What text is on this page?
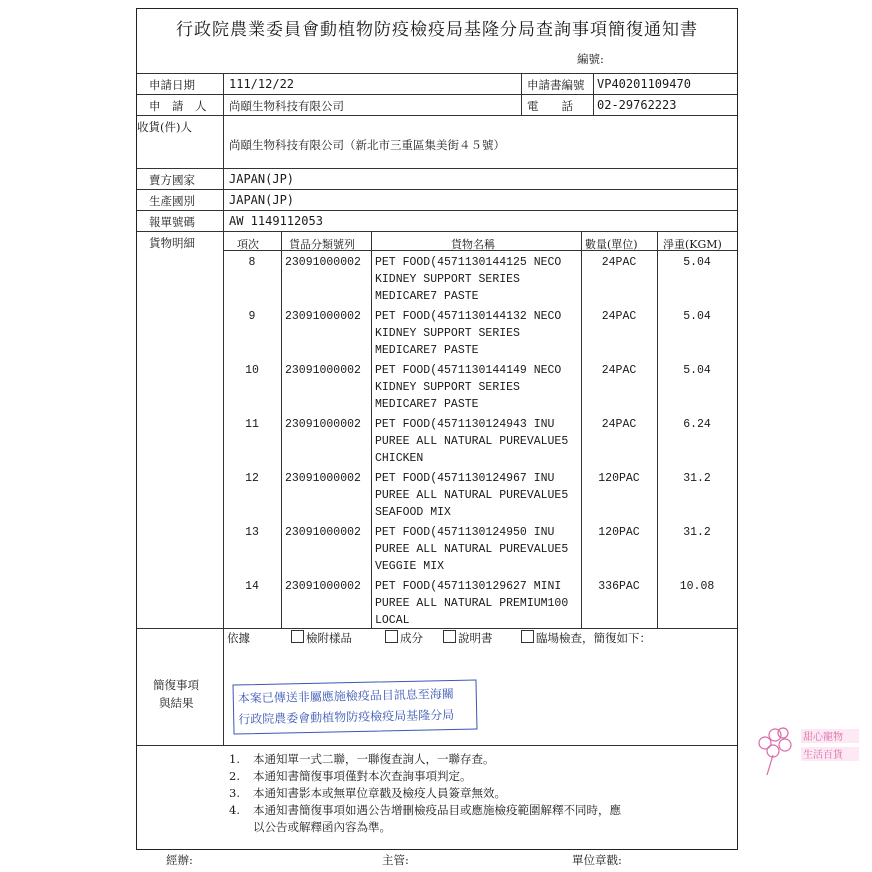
行政院農業委員會動植物防疫檢疫局基隆分局查詢事項簡復通知書
編號:
申請日期	111/12/22	申請書編號 VP40201109470
申　請　人 尚頤生物科技有限公司	電　　話 02-29762223
收貨(件)人
尚頤生物科技有限公司（新北市三重區集美街４５號）
賣方國家	JAPAN(JP)
生產國別	JAPAN(JP)
報單號碼	AW 1149112053
貨物明細	項次	貨品分類號列	貨物名稱	數量(單位) 淨重(KGM)
8	23091000002 PET FOOD(4571130144125 NECO
KIDNEY SUPPORT SERIES
MEDICARE7 PASTE
24PAC	5.04
9	23091000002 PET FOOD(4571130144132 NECO
KIDNEY SUPPORT SERIES
MEDICARE7 PASTE
24PAC	5.04
10	23091000002 PET FOOD(4571130144149 NECO
KIDNEY SUPPORT SERIES
MEDICARE7 PASTE
24PAC	5.04
11	23091000002 PET FOOD(4571130124943 INU
PUREE ALL NATURAL PUREVALUE5
CHICKEN
24PAC	6.24
12	23091000002 PET FOOD(4571130124967 INU
PUREE ALL NATURAL PUREVALUE5
SEAFOOD MIX
120PAC	31.2
13	23091000002 PET FOOD(4571130124950 INU
PUREE ALL NATURAL PUREVALUE5
VEGGIE MIX
120PAC	31.2
14	23091000002 PET FOOD(4571130129627 MINI
PUREE ALL NATURAL PREMIUM100
LOCAL
336PAC	10.08
簡復事項
與結果
依據	檢附樣品	成分	說明書	臨場檢查，簡復如下：
本案已傳送非屬應施檢疫品目訊息至海關
行政院農委會動植物防疫檢疫局基隆分局
甜心寵物
生活百貨
1. 本通知單一式二聯，一聯復查詢人，一聯存查。
2. 本通知書簡復事項僅對本次查詢事項判定。
3. 本通知書影本或無單位章戳及檢疫人員簽章無效。
4. 本通知書簡復事項如遇公告增刪檢疫品目或應施檢疫範圍解釋不同時，應
以公告或解釋函內容為準。
經辦:	主管:	單位章戳:
